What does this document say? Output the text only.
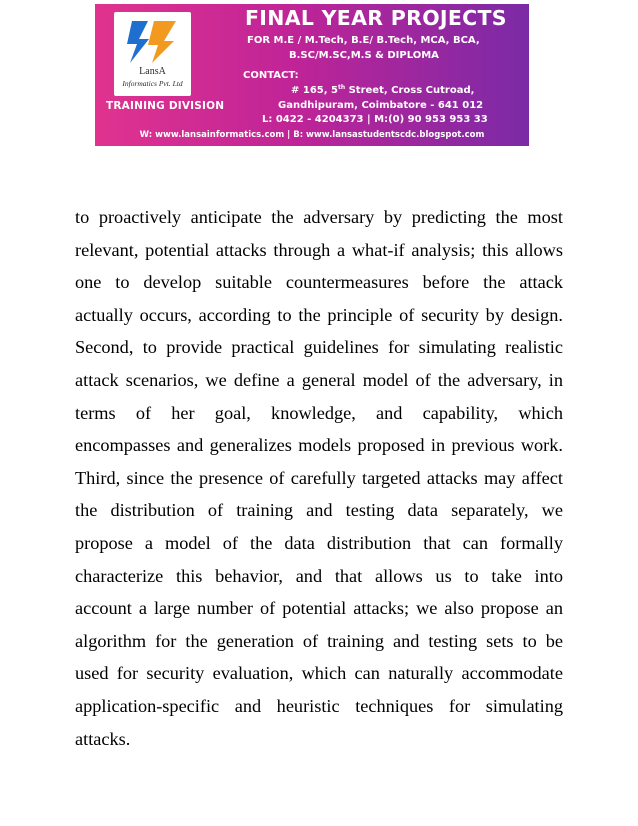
LansA
Informatics Pvt. Ltd
TRAINING DIVISION
FINAL YEAR PROJECTS
FOR M.E / M.Tech, B.E/ B.Tech, MCA, BCA,
B.SC/M.SC,M.S & DIPLOMA
CONTACT:
# 165, 5th Street, Cross Cutroad,
Gandhipuram, Coimbatore - 641 012
L: 0422 - 4204373 | M:(0) 90 953 953 33
W: www.lansainformatics.com | B: www.lansastudentscdc.blogspot.com
to proactively anticipate the adversary by predicting the most
relevant, potential attacks through a what-if analysis; this allows
one to develop suitable countermeasures before the attack
actually occurs, according to the principle of security by design.
Second, to provide practical guidelines for simulating realistic
attack scenarios, we define a general model of the adversary, in
terms of her goal, knowledge, and capability, which
encompasses and generalizes models proposed in previous work.
Third, since the presence of carefully targeted attacks may affect
the distribution of training and testing data separately, we
propose a model of the data distribution that can formally
characterize this behavior, and that allows us to take into
account a large number of potential attacks; we also propose an
algorithm for the generation of training and testing sets to be
used for security evaluation, which can naturally accommodate
application-specific and heuristic techniques for simulating
attacks.
